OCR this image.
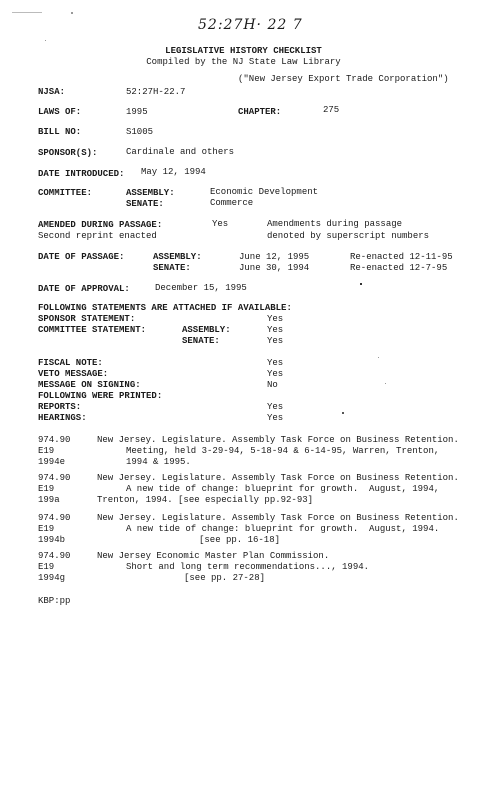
52:27H· 22 7
LEGISLATIVE HISTORY CHECKLIST
Compiled by the NJ State Law Library
("New Jersey Export Trade Corporation")
NJSA:	52:27H-22.7
LAWS OF:	1995	CHAPTER:	275
BILL NO:	S1005
SPONSOR(S):	Cardinale and others
DATE INTRODUCED: May 12, 1994
COMMITTEE:	ASSEMBLY:	Economic Development
SENATE:	Commerce
AMENDED DURING PASSAGE:	Yes	Amendments during passage
Second reprint enacted	denoted by superscript numbers
DATE OF PASSAGE:	ASSEMBLY:	June 12, 1995	Re-enacted 12-11-95
SENATE:	June 30, 1994	Re-enacted 12-7-95
DATE OF APPROVAL:	December 15, 1995
FOLLOWING STATEMENTS ARE ATTACHED IF AVAILABLE:
SPONSOR STATEMENT:	Yes
COMMITTEE STATEMENT:	ASSEMBLY:	Yes
SENATE:	Yes
FISCAL NOTE:	Yes
VETO MESSAGE:	Yes
MESSAGE ON SIGNING:	No
FOLLOWING WERE PRINTED:
REPORTS:	Yes
HEARINGS:	Yes
974.90
E19
1994e
New Jersey. Legislature. Assembly Task Force on Business Retention.
Meeting, held 3-29-94, 5-18-94 & 6-14-95, Warren, Trenton,
1994 & 1995.
974.90
E19
199a
New Jersey. Legislature. Assembly Task Force on Business Retention.
A new tide of change: blueprint for growth.  August, 1994,
Trenton, 1994. [see especially pp.92-93]
974.90
E19
1994b
New Jersey. Legislature. Assembly Task Force on Business Retention.
A new tide of change: blueprint for growth.  August, 1994.
[see pp. 16-18]
974.90
E19
1994g
New Jersey Economic Master Plan Commission.
Short and long term recommendations..., 1994.
[see pp. 27-28]
KBP:pp
